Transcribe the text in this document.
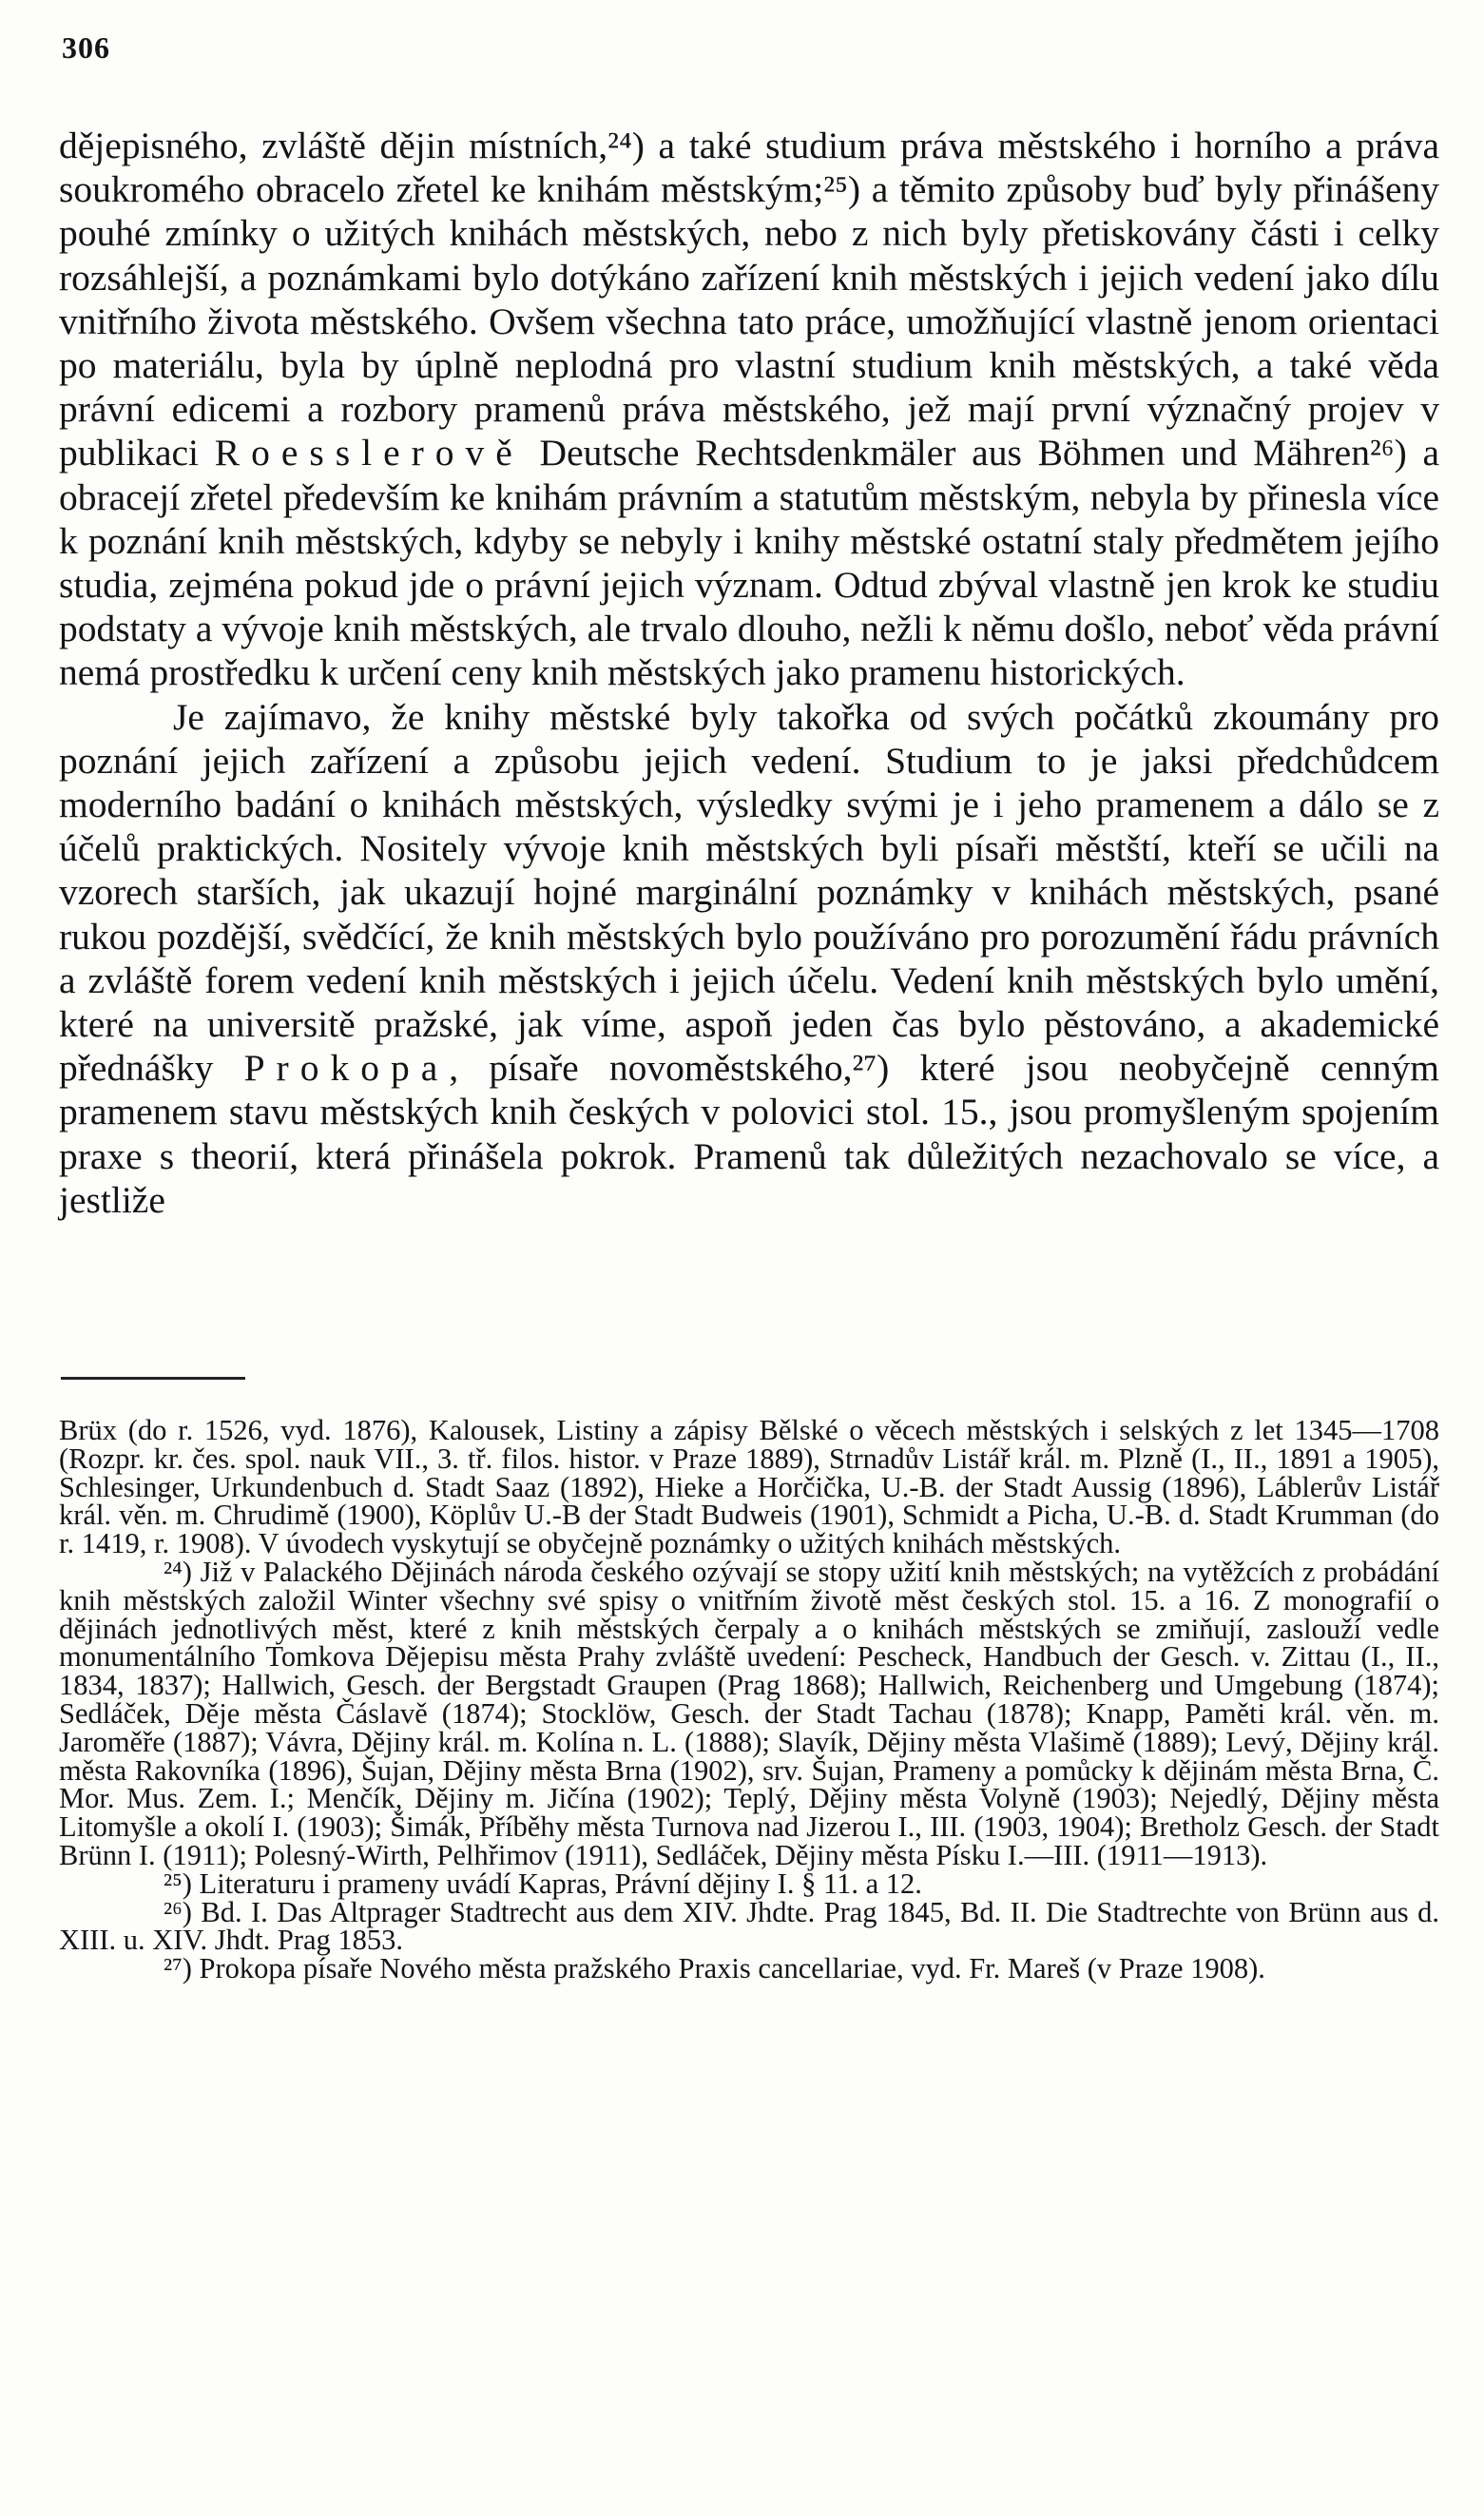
306

dějepisného, zvláště dějin místních,²⁴) a také studium práva městského i horního a práva soukromého obracelo zřetel ke knihám městským;²⁵) a těmito způsoby buď byly přinášeny pouhé zmínky o užitých knihách městských, nebo z nich byly přetiskovány části i celky rozsáhlejší, a poznámkami bylo dotýkáno zařízení knih městských i jejich vedení jako dílu vnitřního života městského. Ovšem všechna tato práce, umožňující vlastně jenom orientaci po materiálu, byla by úplně neplodná pro vlastní studium knih městských, a také věda právní edicemi a rozbory pramenů práva městského, jež mají první význačný projev v publikaci Roesslerově Deutsche Rechtsdenkmäler aus Böhmen und Mähren²⁶) a obracejí zřetel především ke knihám právním a statutům městským, nebyla by přinesla více k poznání knih městských, kdyby se nebyly i knihy městské ostatní staly předmětem jejího studia, zejména pokud jde o právní jejich význam. Odtud zbýval vlastně jen krok ke studiu podstaty a vývoje knih městských, ale trvalo dlouho, nežli k němu došlo, neboť věda právní nemá prostředku k určení ceny knih městských jako pramenu historických.

Je zajímavo, že knihy městské byly takořka od svých počátků zkoumány pro poznání jejich zařízení a způsobu jejich vedení. Studium to je jaksi předchůdcem moderního badání o knihách městských, výsledky svými je i jeho pramenem a dálo se z účelů praktických. Nositely vývoje knih městských byli písaři městští, kteří se učili na vzorech starších, jak ukazují hojné marginální poznámky v knihách městských, psané rukou pozdější, svědčící, že knih městských bylo používáno pro porozumění řádu právních a zvláště forem vedení knih městských i jejich účelu. Vedení knih městských bylo umění, které na universitě pražské, jak víme, aspoň jeden čas bylo pěstováno, a akademické přednášky Prokopa, písaře novoměstského,²⁷) které jsou neobyčejně cenným pramenem stavu městských knih českých v polovici stol. 15., jsou promyšleným spojením praxe s theorií, která přinášela pokrok. Pramenů tak důležitých nezachovalo se více, a jestliže

Brüx (do r. 1526, vyd. 1876), Kalousek, Listiny a zápisy Bělské o věcech městských i selských z let 1345—1708 (Rozpr. kr. čes. spol. nauk VII., 3. tř. filos. histor. v Praze 1889), Strnadův Listář král. m. Plzně (I., II., 1891 a 1905), Schlesinger, Urkundenbuch d. Stadt Saaz (1892), Hieke a Horčička, U.-B. der Stadt Aussig (1896), Láblerův Listář král. věn. m. Chrudimě (1900), Köplův U.-B der Stadt Budweis (1901), Schmidt a Picha, U.-B. d. Stadt Krumman (do r. 1419, r. 1908). V úvodech vyskytují se obyčejně poznámky o užitých knihách městských.

²⁴) Již v Palackého Dějinách národa českého ozývají se stopy užití knih městských; na vytěžcích z probádání knih městských založil Winter všechny své spisy o vnitřním životě měst českých stol. 15. a 16. Z monografií o dějinách jednotlivých měst, které z knih městských čerpaly a o knihách městských se zmiňují, zaslouží vedle monumentálního Tomkova Dějepisu města Prahy zvláště uvedení: Pescheck, Handbuch der Gesch. v. Zittau (I., II., 1834, 1837); Hallwich, Gesch. der Bergstadt Graupen (Prag 1868); Hallwich, Reichenberg und Umgebung (1874); Sedláček, Děje města Čáslavě (1874); Stocklöw, Gesch. der Stadt Tachau (1878); Knapp, Paměti král. věn. m. Jaroměře (1887); Vávra, Dějiny král. m. Kolína n. L. (1888); Slavík, Dějiny města Vlašimě (1889); Levý, Dějiny král. města Rakovníka (1896), Šujan, Dějiny města Brna (1902), srv. Šujan, Prameny a pomůcky k dějinám města Brna, Č. Mor. Mus. Zem. I.; Menčík, Dějiny m. Jičína (1902); Teplý, Dějiny města Volyně (1903); Nejedlý, Dějiny města Litomyšle a okolí I. (1903); Šimák, Příběhy města Turnova nad Jizerou I., III. (1903, 1904); Bretholz Gesch. der Stadt Brünn I. (1911); Polesný-Wirth, Pelhřimov (1911), Sedláček, Dějiny města Písku I.—III. (1911—1913).

²⁵) Literaturu i prameny uvádí Kapras, Právní dějiny I. § 11. a 12.

²⁶) Bd. I. Das Altprager Stadtrecht aus dem XIV. Jhdte. Prag 1845, Bd. II. Die Stadtrechte von Brünn aus d. XIII. u. XIV. Jhdt. Prag 1853.

²⁷) Prokopa písaře Nového města pražského Praxis cancellariae, vyd. Fr. Mareš (v Praze 1908).
